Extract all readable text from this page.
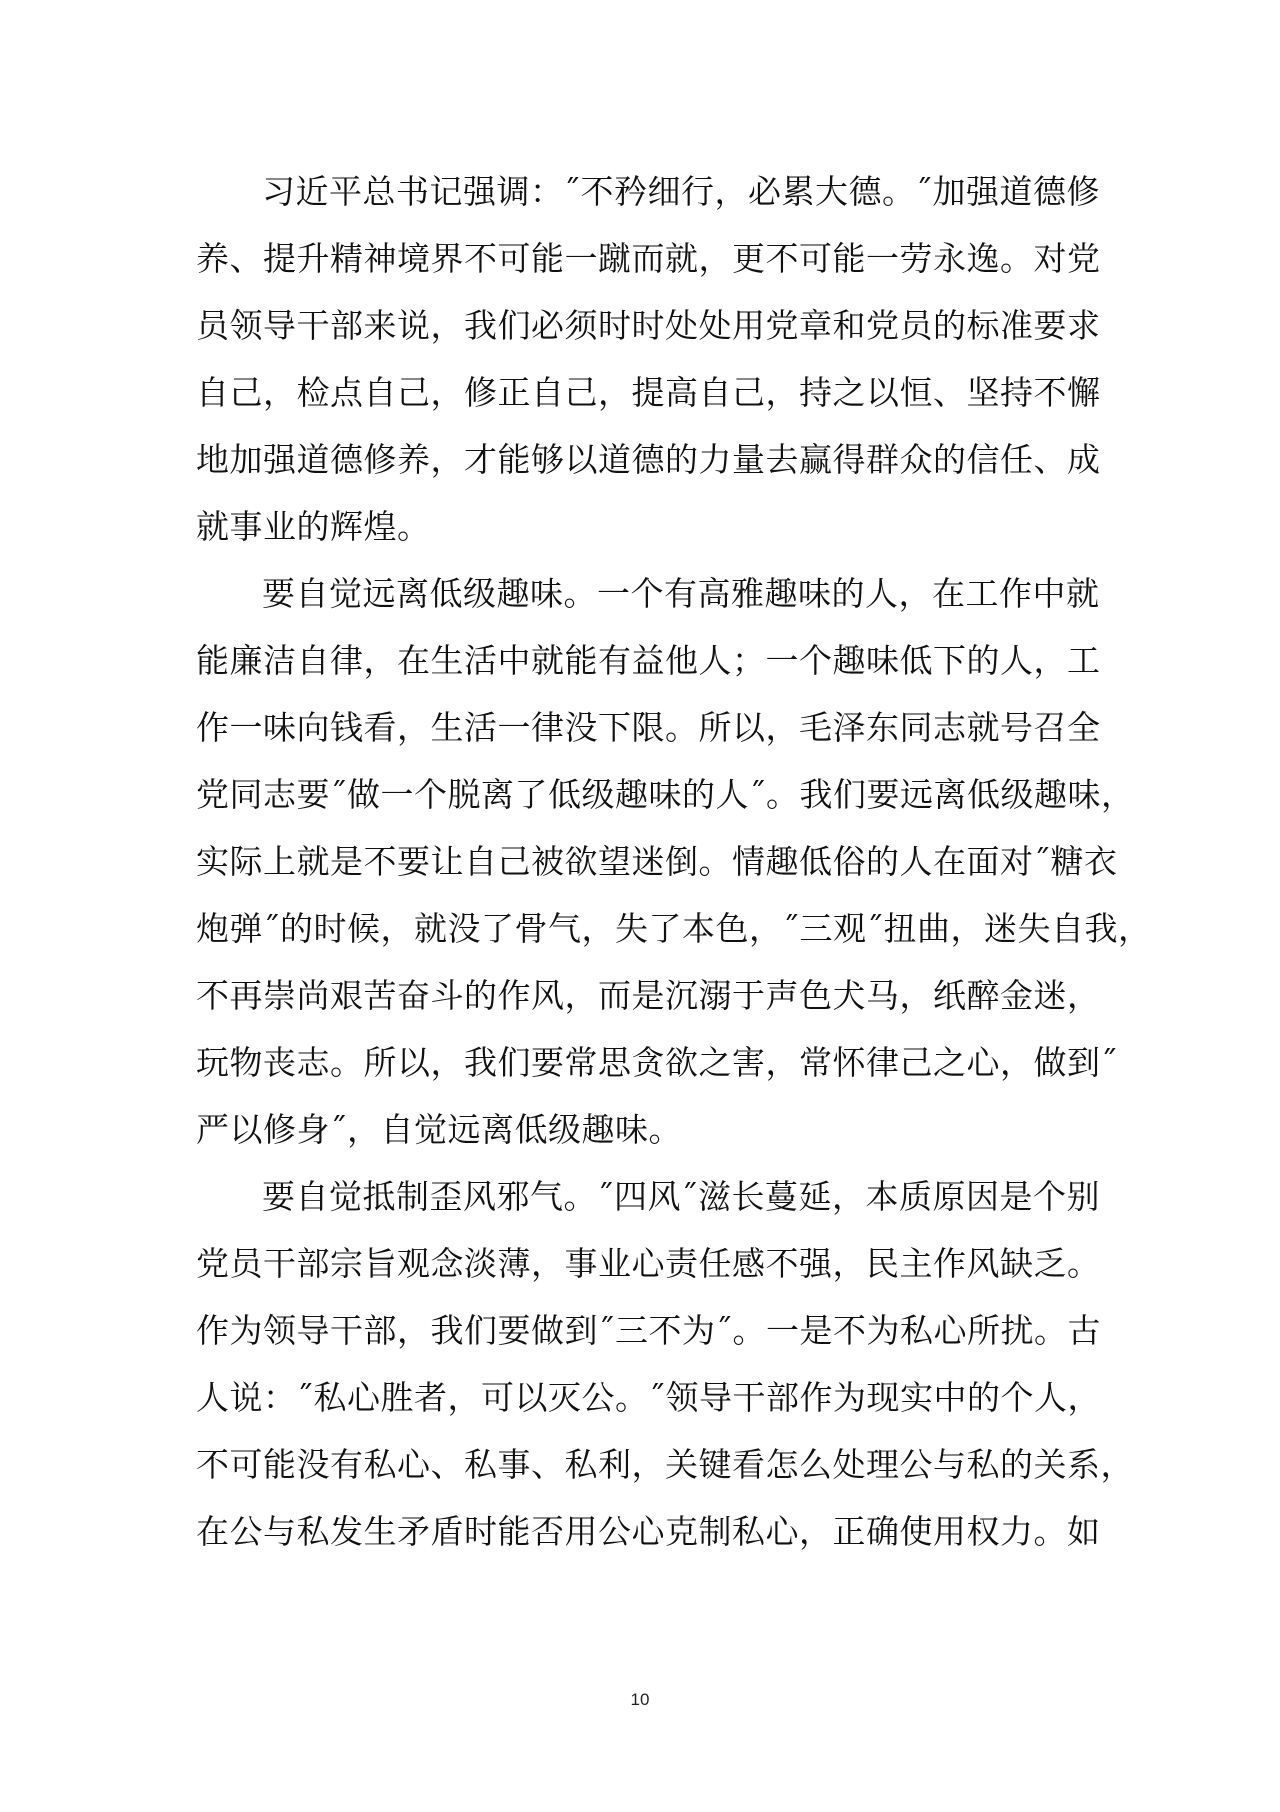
习近平总书记强调：˝不矜细行，必累大德。˝加强道德修
养、提升精神境界不可能一蹴而就，更不可能一劳永逸。对党
员领导干部来说，我们必须时时处处用党章和党员的标准要求
自己，检点自己，修正自己，提高自己，持之以恒、坚持不懈
地加强道德修养，才能够以道德的力量去赢得群众的信任、成
就事业的辉煌。
要自觉远离低级趣味。一个有高雅趣味的人，在工作中就
能廉洁自律，在生活中就能有益他人；一个趣味低下的人，工
作一味向钱看，生活一律没下限。所以，毛泽东同志就号召全
党同志要˝做一个脱离了低级趣味的人˝。我们要远离低级趣味，
实际上就是不要让自己被欲望迷倒。情趣低俗的人在面对˝糖衣
炮弹˝的时候，就没了骨气，失了本色，˝三观˝扭曲，迷失自我，
不再崇尚艰苦奋斗的作风，而是沉溺于声色犬马，纸醉金迷，
玩物丧志。所以，我们要常思贪欲之害，常怀律己之心，做到˝
严以修身˝，自觉远离低级趣味。
要自觉抵制歪风邪气。˝四风˝滋长蔓延，本质原因是个别
党员干部宗旨观念淡薄，事业心责任感不强，民主作风缺乏。
作为领导干部，我们要做到˝三不为˝。一是不为私心所扰。古
人说：˝私心胜者，可以灭公。˝领导干部作为现实中的个人，
不可能没有私心、私事、私利，关键看怎么处理公与私的关系，
在公与私发生矛盾时能否用公心克制私心，正确使用权力。如
10
